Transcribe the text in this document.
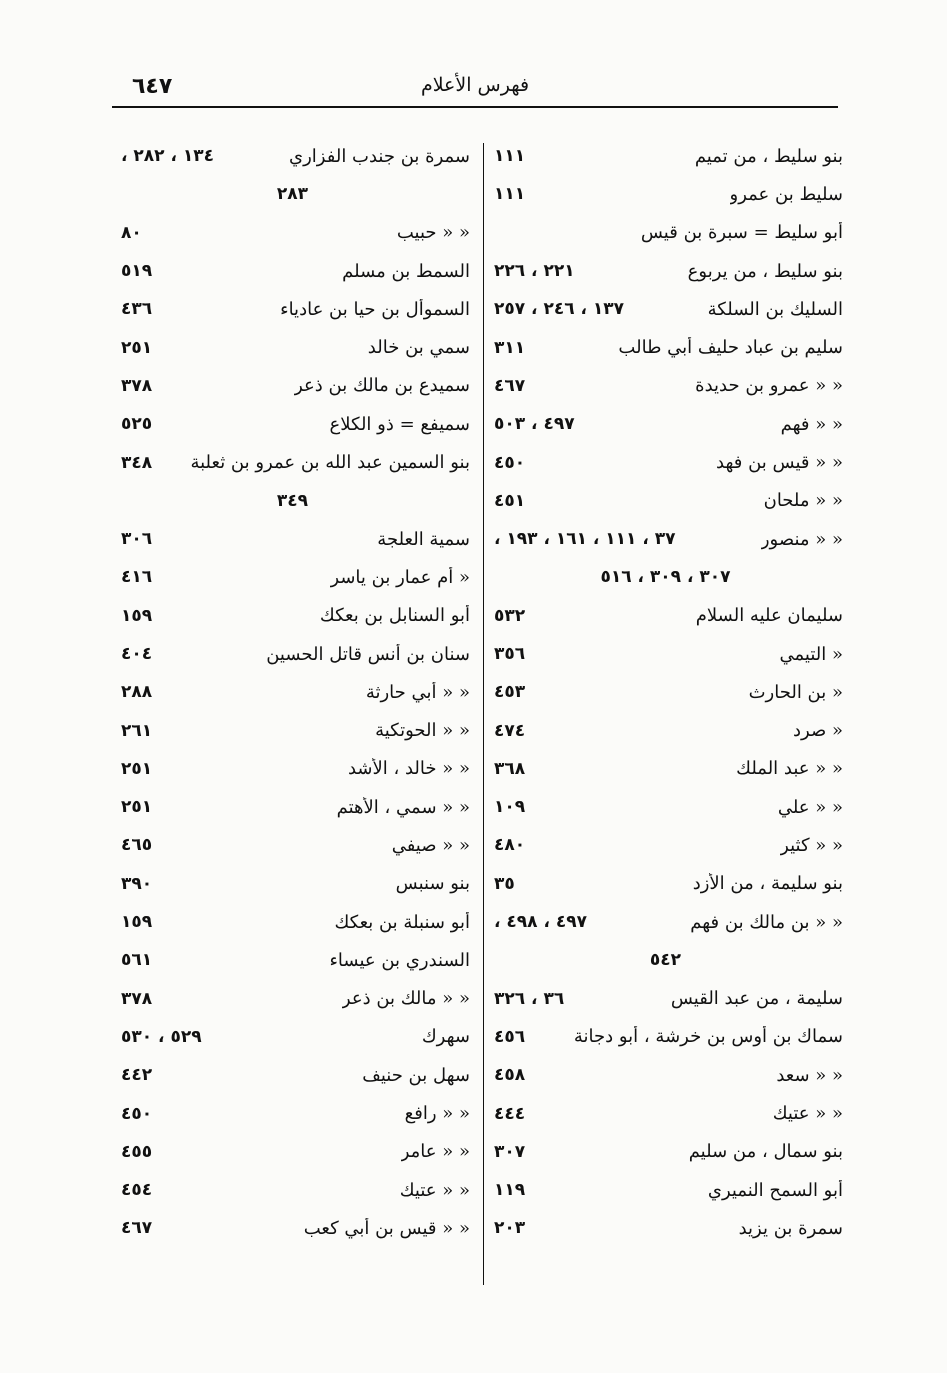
٦٤٧	فهرس الأعلام
بنو سليط ، من تميم
١١١
سليط بن عمرو
١١١
أبو سليط = سبرة بن قيس
بنو سليط ، من يربوع
٢٢١ ، ٢٢٦
السليك بن السلكة
١٣٧ ، ٢٤٦ ، ٢٥٧
سليم بن عباد حليف أبي طالب
٣١١
« « عمرو بن حديدة
٤٦٧
« « فهم
٤٩٧ ، ٥٠٣
« « قيس بن فهد
٤٥٠
« « ملحان
٤٥١
« « منصور
٣٧ ، ١١١ ، ١٦١ ، ١٩٣ ،
٣٠٧ ، ٣٠٩ ، ٥١٦
سليمان عليه السلام
٥٣٢
« التيمي
٣٥٦
« بن الحارث
٤٥٣
« صرد
٤٧٤
« « عبد الملك
٣٦٨
« « علي
١٠٩
« « كثير
٤٨٠
بنو سليمة ، من الأزد
٣٥
« « بن مالك بن فهم
٤٩٧ ، ٤٩٨ ،
٥٤٢
سليمة ، من عبد القيس
٣٦ ، ٣٢٦
سماك بن أوس بن خرشة ، أبو دجانة
٤٥٦
« « سعد
٤٥٨
« « عتيك
٤٤٤
بنو سمال ، من سليم
٣٠٧
أبو السمح النميري
١١٩
سمرة بن يزيد
٢٠٣
سمرة بن جندب الفزاري
١٣٤ ، ٢٨٢ ،
٢٨٣
« « حبيب
٨٠
السمط بن مسلم
٥١٩
السموأل بن حيا بن عادياء
٤٣٦
سمي بن خالد
٢٥١
سميدع بن مالك بن ذعر
٣٧٨
سميفع = ذو الكلاع
٥٢٥
بنو السمين عبد الله بن عمرو بن ثعلبة
٣٤٨
٣٤٩
سمية العلجة
٣٠٦
« أم عمار بن ياسر
٤١٦
أبو السنابل بن بعكك
١٥٩
سنان بن أنس قاتل الحسين
٤٠٤
« « أبي حارثة
٢٨٨
« « الحوتكية
٢٦١
« « خالد ، الأشد
٢٥١
« « سمي ، الأهتم
٢٥١
« « صيفي
٤٦٥
بنو سنبس
٣٩٠
أبو سنبلة بن بعكك
١٥٩
السندري بن عيساء
٥٦١
« « مالك بن ذعر
٣٧٨
سهرك
٥٢٩ ، ٥٣٠
سهل بن حنيف
٤٤٢
« « رافع
٤٥٠
« « عامر
٤٥٥
« « عتيك
٤٥٤
« « قيس بن أبي كعب
٤٦٧
